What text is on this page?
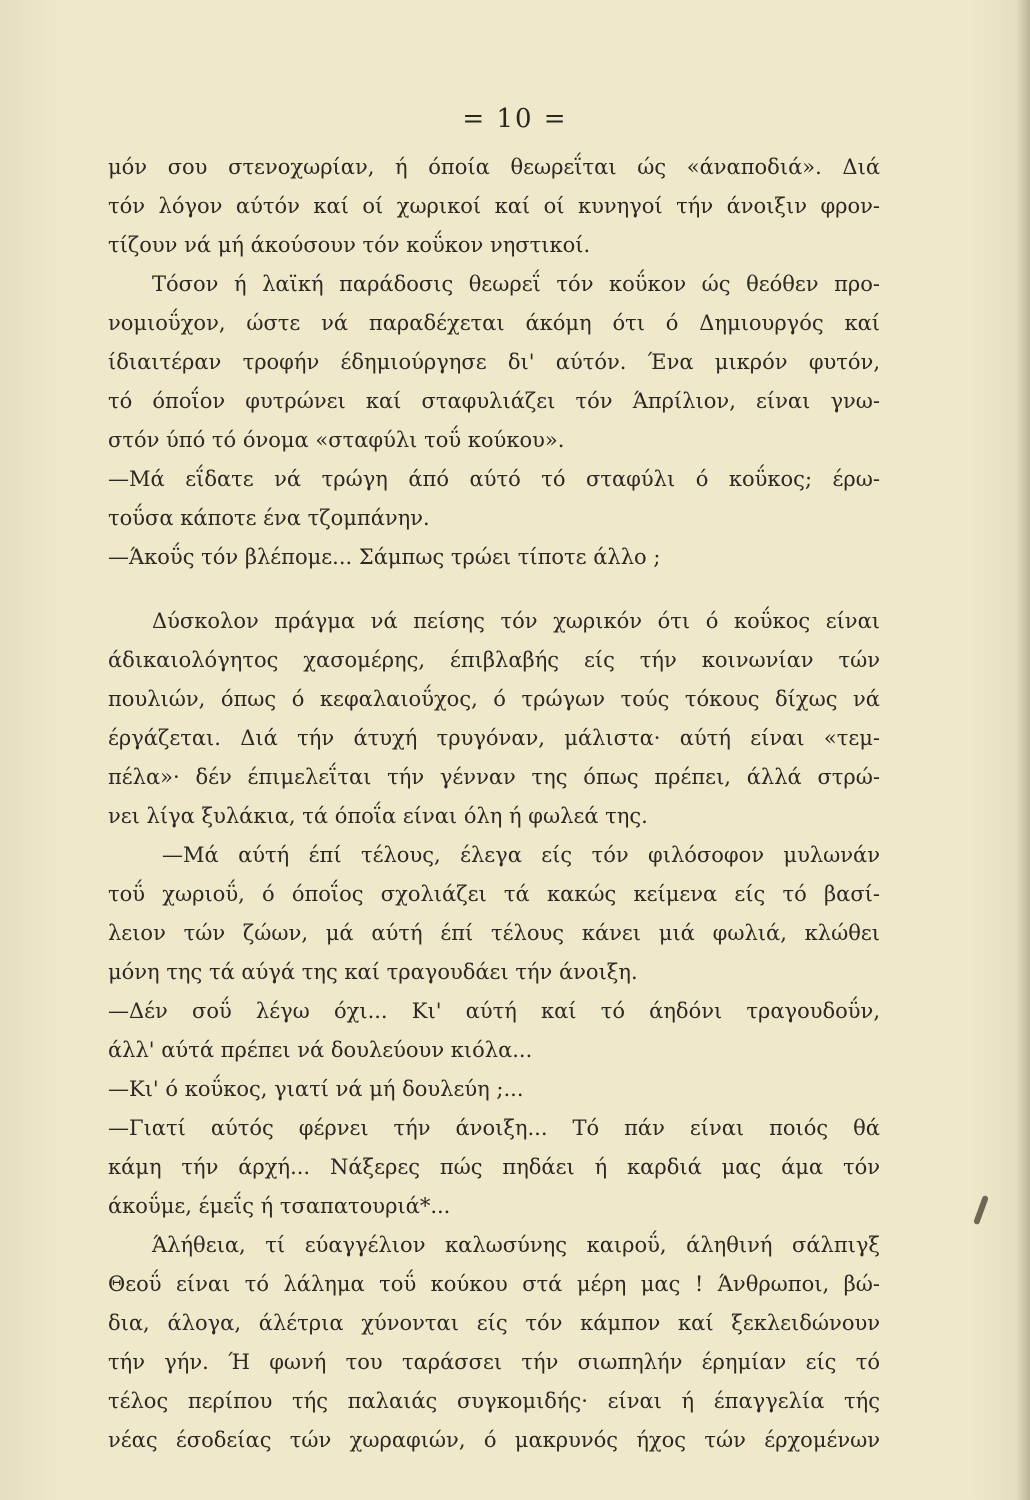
= 10 =
μόν σου στενοχωρίαν, ή όποία θεωρεΐται ώς «άναποδιά». Διά
τόν λόγον αύτόν καί οί χωρικοί καί οί κυνηγοί τήν άνοιξιν φρον-
τίζουν νά μή άκούσουν τόν κοΰκον νηστικοί.
Τόσον ή λαϊκή παράδοσις θεωρεΐ τόν κοΰκον ώς θεόθεν προ-
νομιοΰχον, ώστε νά παραδέχεται άκόμη ότι ό Δημιουργός καί
ίδιαιτέραν τροφήν έδημιούργησε δι' αύτόν. Ένα μικρόν φυτόν,
τό όποΐον φυτρώνει καί σταφυλιάζει τόν Άπρίλιον, είναι γνω-
στόν ύπό τό όνομα «σταφύλι τοΰ κούκου».
—Μά εΐδατε νά τρώγη άπό αύτό τό σταφύλι ό κοΰκος; έρω-
τοΰσα κάποτε ένα τζομπάνην.
—Άκοΰς τόν βλέπομε... Σάμπως τρώει τίποτε άλλο ;
Δύσκολον πράγμα νά πείσης τόν χωρικόν ότι ό κοΰκος είναι
άδικαιολόγητος χασομέρης, έπιβλαβής είς τήν κοινωνίαν τών
πουλιών, όπως ό κεφαλαιοΰχος, ό τρώγων τούς τόκους δίχως νά
έργάζεται. Διά τήν άτυχή τρυγόναν, μάλιστα· αύτή είναι «τεμ-
πέλα»· δέν έπιμελεΐται τήν γένναν της όπως πρέπει, άλλά στρώ-
νει λίγα ξυλάκια, τά όποΐα είναι όλη ή φωλεά της.
—Μά αύτή έπί τέλους, έλεγα είς τόν φιλόσοφον μυλωνάν
τοΰ χωριοΰ, ό όποΐος σχολιάζει τά κακώς κείμενα είς τό βασί-
λειον τών ζώων, μά αύτή έπί τέλους κάνει μιά φωλιά, κλώθει
μόνη της τά αύγά της καί τραγουδάει τήν άνοιξη.
—Δέν σοΰ λέγω όχι... Κι' αύτή καί τό άηδόνι τραγουδοΰν,
άλλ' αύτά πρέπει νά δουλεύουν κιόλα...
—Κι' ό κοΰκος, γιατί νά μή δουλεύη ;...
—Γιατί αύτός φέρνει τήν άνοιξη... Τό πάν είναι ποιός θά
κάμη τήν άρχή... Νάξερες πώς πηδάει ή καρδιά μας άμα τόν
άκοΰμε, έμεΐς ή τσαπατουριά*...
Άλήθεια, τί εύαγγέλιον καλωσύνης καιροΰ, άληθινή σάλπιγξ
Θεοΰ είναι τό λάλημα τοΰ κούκου στά μέρη μας ! Άνθρωποι, βώ-
δια, άλογα, άλέτρια χύνονται είς τόν κάμπον καί ξεκλειδώνουν
τήν γήν. Ή φωνή του ταράσσει τήν σιωπηλήν έρημίαν είς τό
τέλος περίπου τής παλαιάς συγκομιδής· είναι ή έπαγγελία τής
νέας έσοδείας τών χωραφιών, ό μακρυνός ήχος τών έρχομένων
